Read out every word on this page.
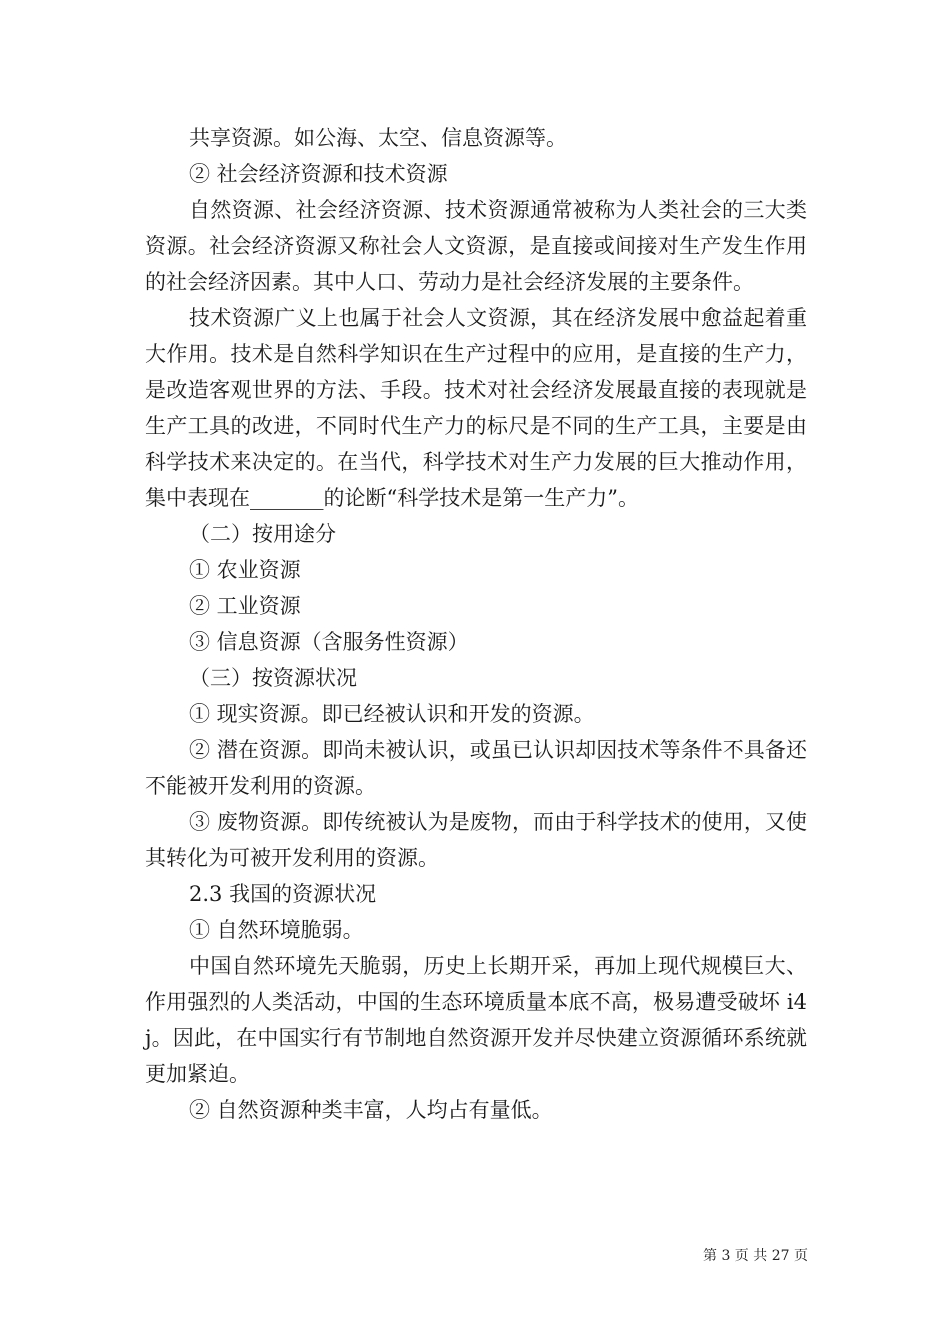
共享资源。如公海、太空、信息资源等。

② 社会经济资源和技术资源

自然资源、社会经济资源、技术资源通常被称为人类社会的三大类资源。社会经济资源又称社会人文资源，是直接或间接对生产发生作用的社会经济因素。其中人口、劳动力是社会经济发展的主要条件。

技术资源广义上也属于社会人文资源，其在经济发展中愈益起着重大作用。技术是自然科学知识在生产过程中的应用，是直接的生产力，是改造客观世界的方法、手段。技术对社会经济发展最直接的表现就是生产工具的改进，不同时代生产力的标尺是不同的生产工具，主要是由科学技术来决定的。在当代，科学技术对生产力发展的巨大推动作用，集中表现在_______的论断“科学技术是第一生产力”。

（二）按用途分

① 农业资源

② 工业资源

③ 信息资源（含服务性资源）

（三）按资源状况

① 现实资源。即已经被认识和开发的资源。

② 潜在资源。即尚未被认识，或虽已认识却因技术等条件不具备还不能被开发利用的资源。

③ 废物资源。即传统被认为是废物，而由于科学技术的使用，又使其转化为可被开发利用的资源。

2.3 我国的资源状况

① 自然环境脆弱。

中国自然环境先天脆弱，历史上长期开采，再加上现代规模巨大、作用强烈的人类活动，中国的生态环境质量本底不高，极易遭受破坏 i4j。因此，在中国实行有节制地自然资源开发并尽快建立资源循环系统就更加紧迫。

② 自然资源种类丰富，人均占有量低。

第 3 页 共 27 页
